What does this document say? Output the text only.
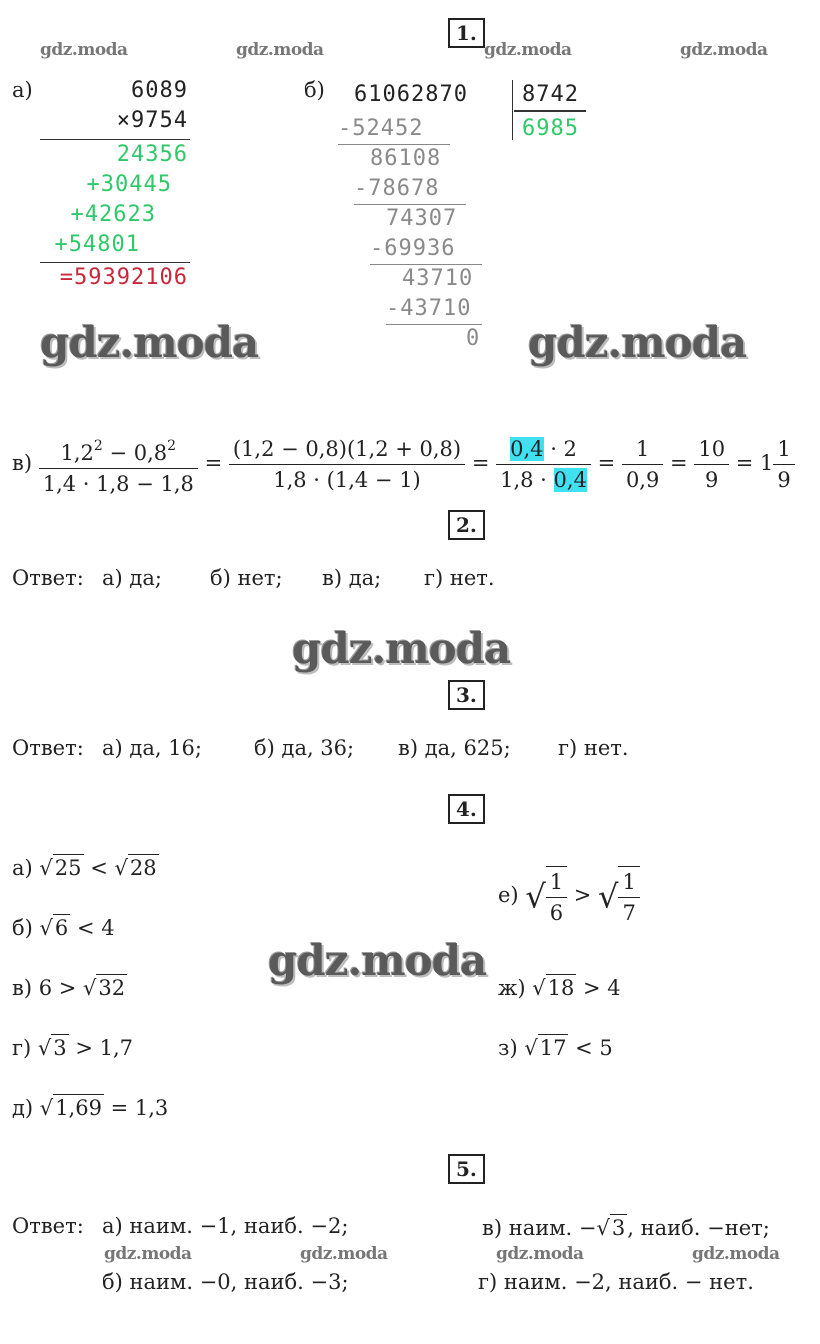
gdz.moda	gdz.moda	gdz.moda	gdz.moda
1.
а)	6089
×9754
24356
+30445
+42623
+54801
=59392106
б) 61062870 8742
6985
-52452
86108
-78678
74307
-69936
43710
-43710
0
gdz.moda	gdz.moda
$в) \frac{1,2^2 - 0,8^2}{1,4 \cdot 1,8 - 1,8} = \frac{(1,2 - 0,8)(1,2 + 0,8)}{1,8 \cdot (1,4 - 1)} = \frac{0,4 \cdot 2}{1,8 \cdot 0,4} = \frac{1}{0,9} = \frac{10}{9} = 1 \frac{1}{9}$
2.
Ответ: а) да; б) нет; в) да; г) нет.
gdz.moda
3.
Ответ: а) да, 16; б) да, 36; в) да, 625; г) нет.
4.
а) √25 < √28
б) √6 < 4
в) 6 > √32
г) √3 > 1,7
д) √1,69 = 1,3
е) √ $\frac{1}{6}$ > √ $\frac{1}{7}$
ж) √18 > 4
з) √17 < 5
gdz.moda
5.
Ответ: а) наим. −1, наиб. −2;	в) наим. −√3, наиб. −нет;
gdz.moda	gdz.moda	gdz.moda	gdz.moda
б) наим. −0, наиб. −3;	г) наим. −2, наиб. − нет.
